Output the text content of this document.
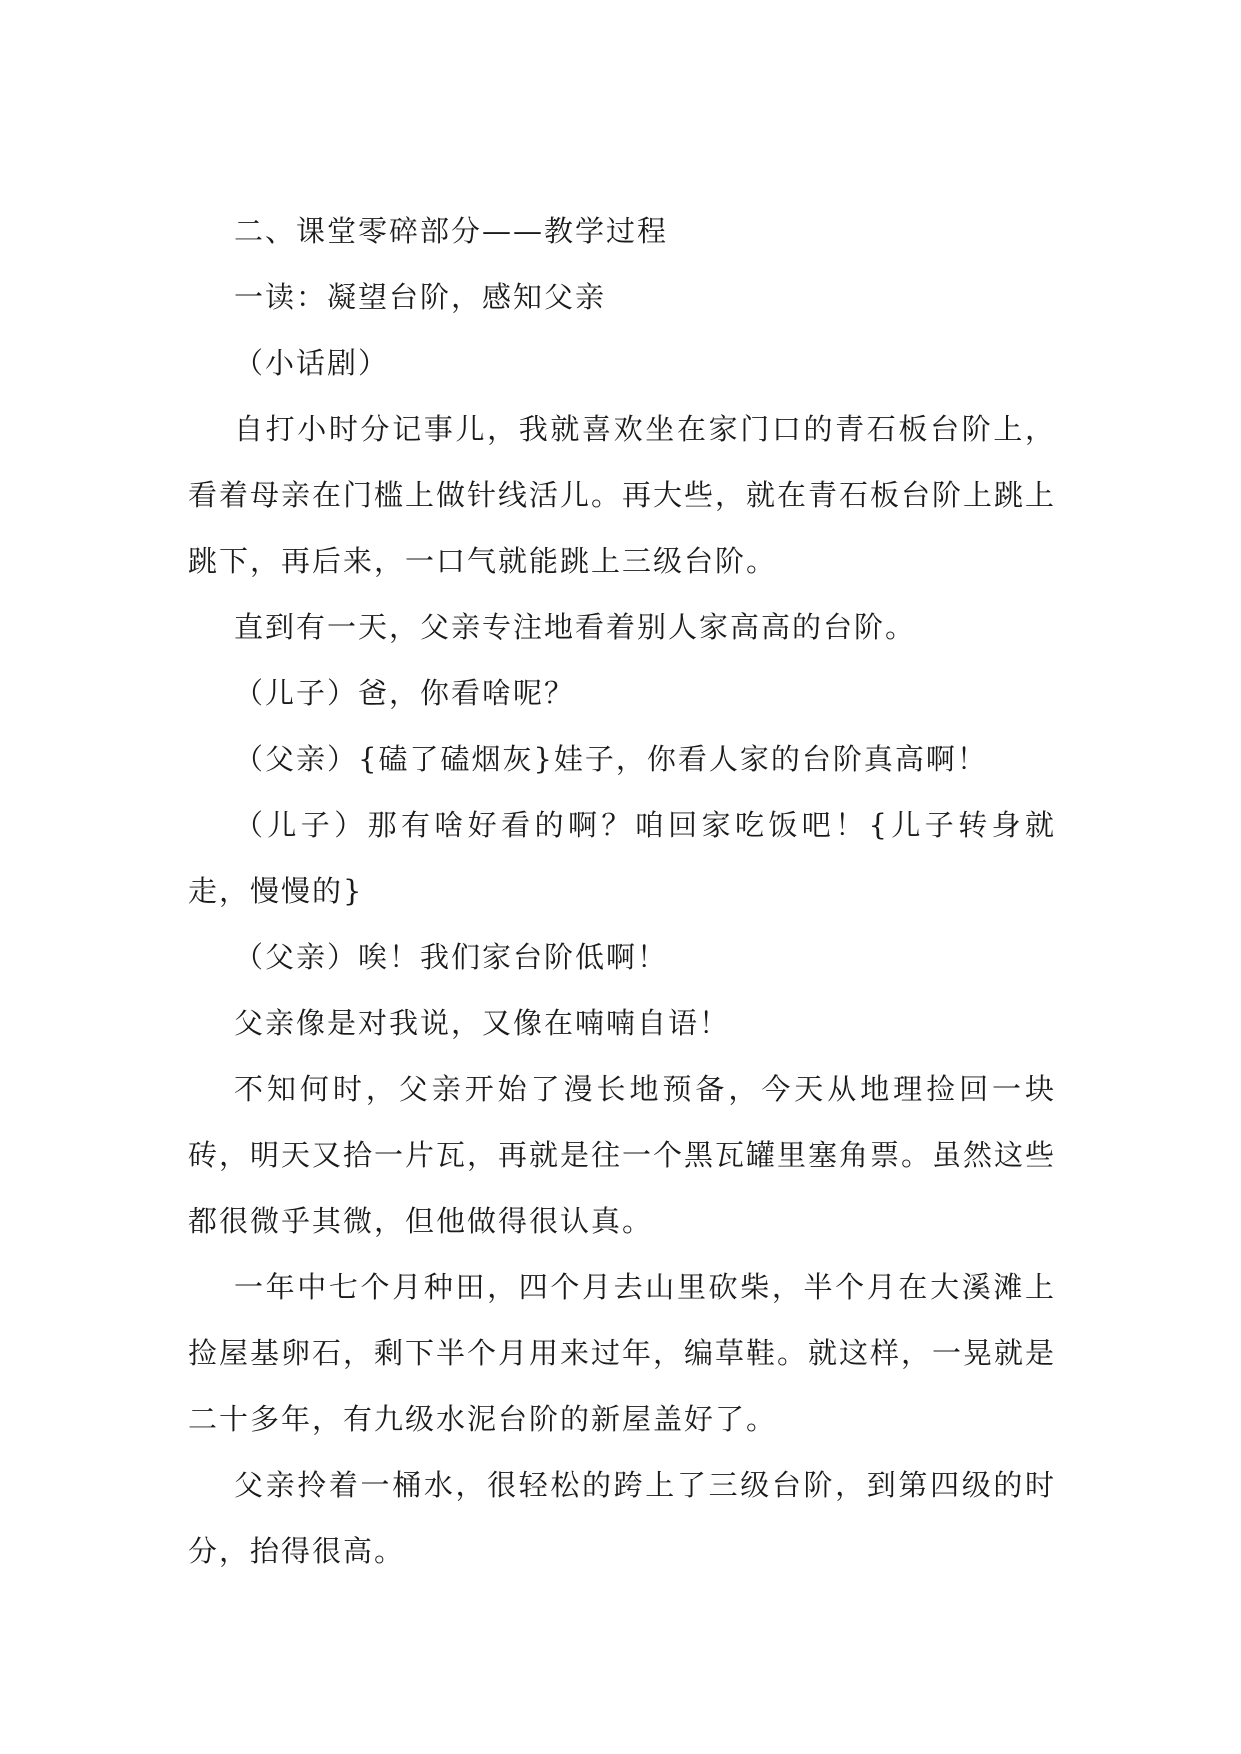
二、课堂零碎部分——教学过程

一读：凝望台阶，感知父亲

（小话剧）

自打小时分记事儿，我就喜欢坐在家门口的青石板台阶上，看着母亲在门槛上做针线活儿。再大些，就在青石板台阶上跳上跳下，再后来，一口气就能跳上三级台阶。

直到有一天，父亲专注地看着别人家高高的台阶。

（儿子）爸，你看啥呢？

（父亲）{磕了磕烟灰}娃子，你看人家的台阶真高啊！

（儿子）那有啥好看的啊？咱回家吃饭吧！{儿子转身就走，慢慢的}

（父亲）唉！我们家台阶低啊！

父亲像是对我说，又像在喃喃自语！

不知何时，父亲开始了漫长地预备，今天从地理捡回一块砖，明天又拾一片瓦，再就是往一个黑瓦罐里塞角票。虽然这些都很微乎其微，但他做得很认真。

一年中七个月种田，四个月去山里砍柴，半个月在大溪滩上捡屋基卵石，剩下半个月用来过年，编草鞋。就这样，一晃就是二十多年，有九级水泥台阶的新屋盖好了。

父亲拎着一桶水，很轻松的跨上了三级台阶，到第四级的时分，抬得很高。
